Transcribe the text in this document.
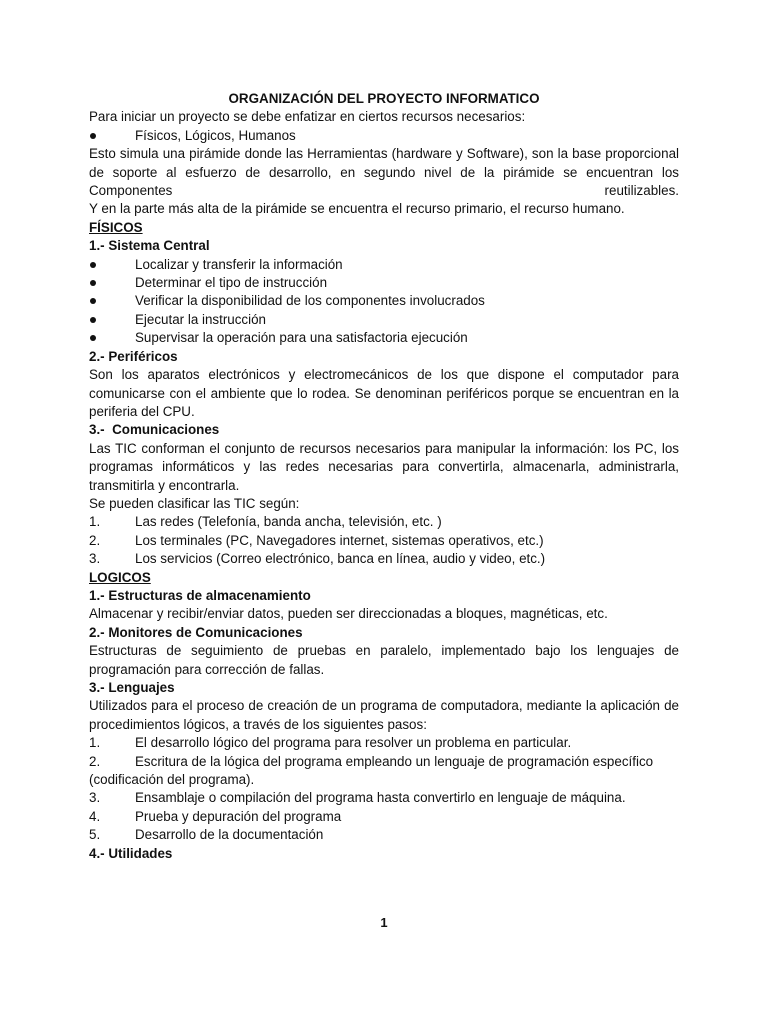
ORGANIZACIÓN DEL PROYECTO INFORMATICO

Para iniciar un proyecto se debe enfatizar en ciertos recursos necesarios:

Físicos, Lógicos, Humanos

Esto simula una pirámide donde las Herramientas (hardware y Software), son la base proporcional de soporte al esfuerzo de desarrollo, en segundo nivel de la pirámide se encuentran los Componentes reutilizables.

Y en la parte más alta de la pirámide se encuentra el recurso primario, el recurso humano.

FÍSICOS

1.- Sistema Central

Localizar y transferir la información
Determinar el tipo de instrucción
Verificar la disponibilidad de los componentes involucrados
Ejecutar la instrucción
Supervisar la operación para una satisfactoria ejecución

2.- Periféricos

Son los aparatos electrónicos y electromecánicos de los que dispone el computador para comunicarse con el ambiente que lo rodea. Se denominan periféricos porque se encuentran en la periferia del CPU.

3.- Comunicaciones

Las TIC conforman el conjunto de recursos necesarios para manipular la información: los PC, los programas informáticos y las redes necesarias para convertirla, almacenarla, administrarla, transmitirla y encontrarla.

Se pueden clasificar las TIC según:

1.	Las redes (Telefonía, banda ancha, televisión, etc. )
2.	Los terminales (PC, Navegadores internet, sistemas operativos, etc.)
3.	Los servicios (Correo electrónico, banca en línea, audio y video, etc.)

LOGICOS

1.- Estructuras de almacenamiento

Almacenar y recibir/enviar datos, pueden ser direccionadas a bloques, magnéticas, etc.

2.- Monitores de Comunicaciones

Estructuras de seguimiento de pruebas en paralelo, implementado bajo los lenguajes de programación para corrección de fallas.

3.- Lenguajes

Utilizados para el proceso de creación de un programa de computadora, mediante la aplicación de procedimientos lógicos, a través de los siguientes pasos:

1.	El desarrollo lógico del programa para resolver un problema en particular.
2.	Escritura de la lógica del programa empleando un lenguaje de programación específico (codificación del programa).
3.	Ensamblaje o compilación del programa hasta convertirlo en lenguaje de máquina.
4.	Prueba y depuración del programa
5.	Desarrollo de la documentación

4.- Utilidades

1
